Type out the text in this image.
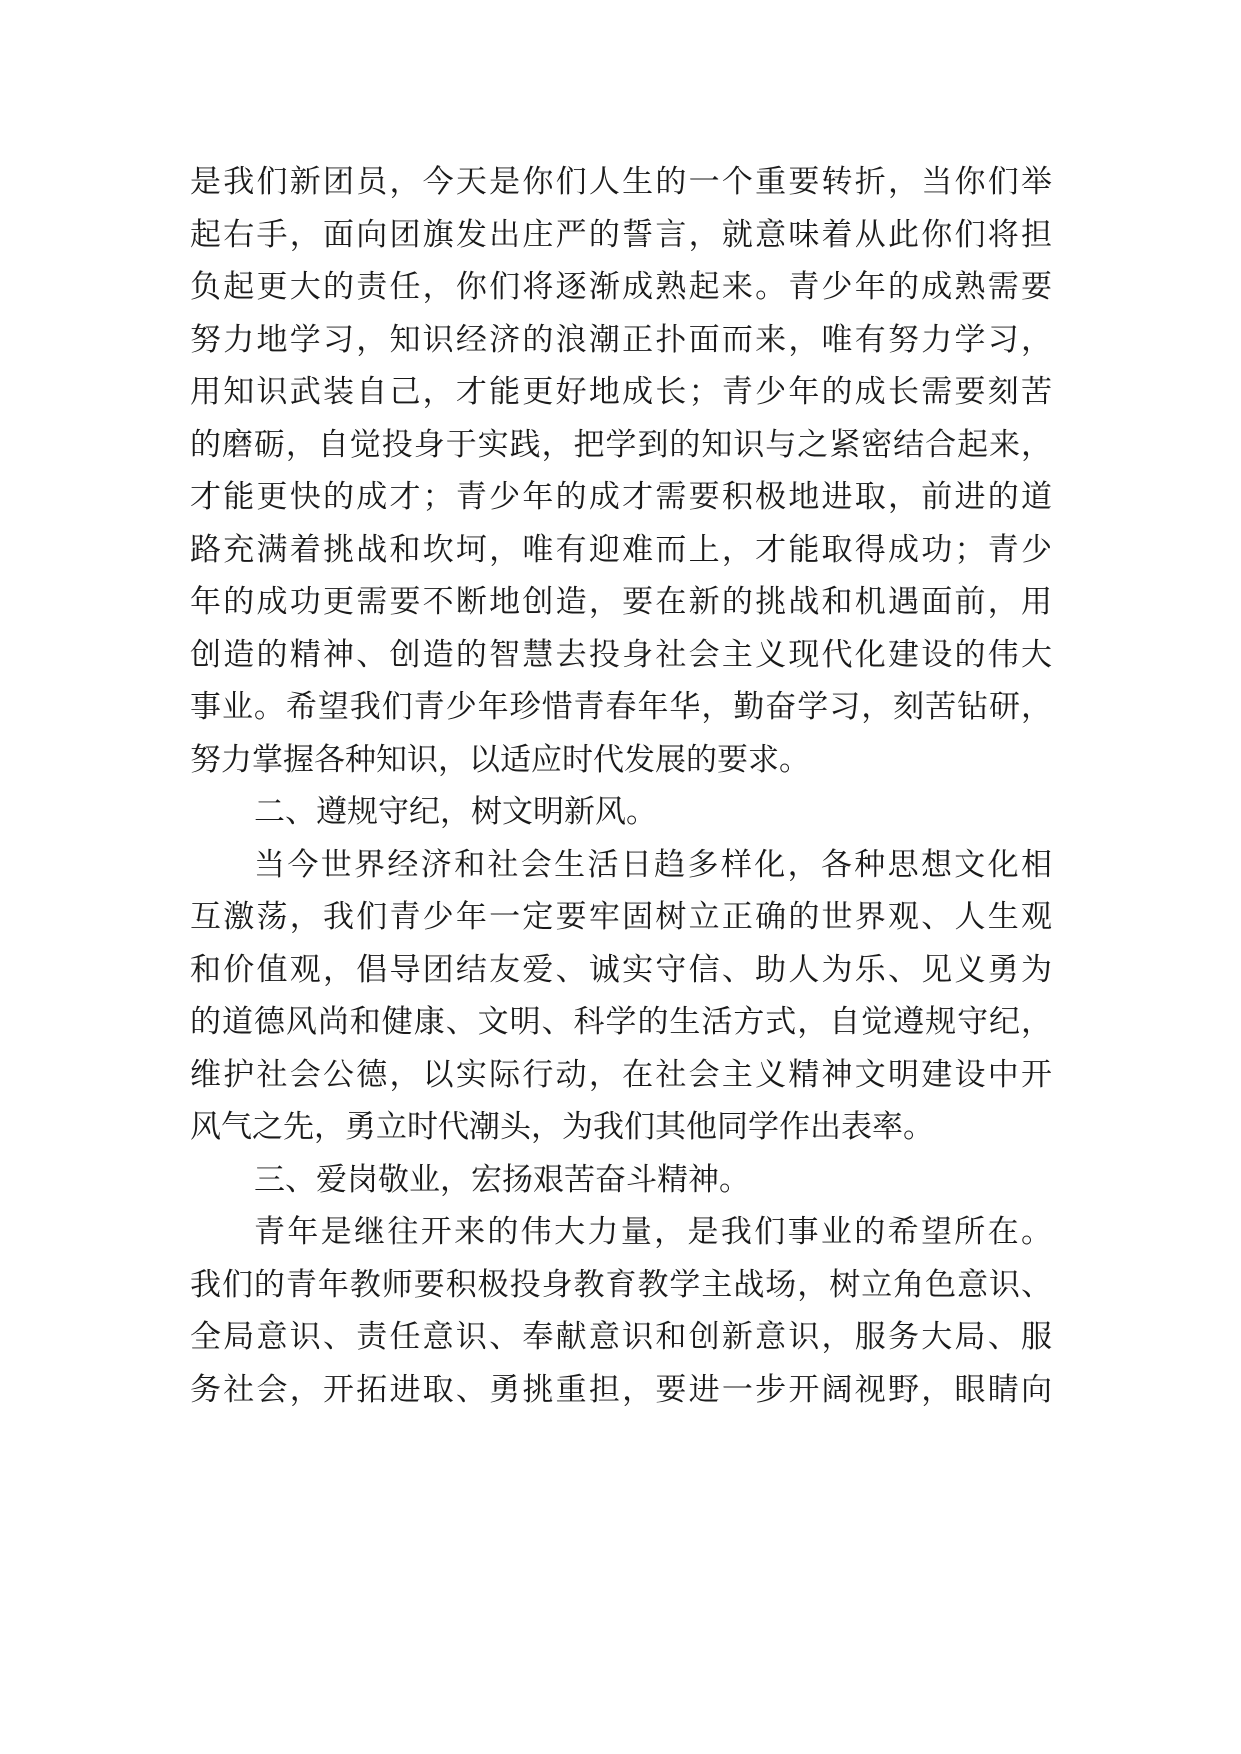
是我们新团员，今天是你们人生的一个重要转折，当你们举
起右手，面向团旗发出庄严的誓言，就意味着从此你们将担
负起更大的责任，你们将逐渐成熟起来。青少年的成熟需要
努力地学习，知识经济的浪潮正扑面而来，唯有努力学习，
用知识武装自己，才能更好地成长；青少年的成长需要刻苦
的磨砺，自觉投身于实践，把学到的知识与之紧密结合起来，
才能更快的成才；青少年的成才需要积极地进取，前进的道
路充满着挑战和坎坷，唯有迎难而上，才能取得成功；青少
年的成功更需要不断地创造，要在新的挑战和机遇面前，用
创造的精神、创造的智慧去投身社会主义现代化建设的伟大
事业。希望我们青少年珍惜青春年华，勤奋学习，刻苦钻研，
努力掌握各种知识，以适应时代发展的要求。
二、遵规守纪，树文明新风。
当今世界经济和社会生活日趋多样化，各种思想文化相
互激荡，我们青少年一定要牢固树立正确的世界观、人生观
和价值观，倡导团结友爱、诚实守信、助人为乐、见义勇为
的道德风尚和健康、文明、科学的生活方式，自觉遵规守纪，
维护社会公德，以实际行动，在社会主义精神文明建设中开
风气之先，勇立时代潮头，为我们其他同学作出表率。
三、爱岗敬业，宏扬艰苦奋斗精神。
青年是继往开来的伟大力量，是我们事业的希望所在。
我们的青年教师要积极投身教育教学主战场，树立角色意识、
全局意识、责任意识、奉献意识和创新意识，服务大局、服
务社会，开拓进取、勇挑重担，要进一步开阔视野，眼睛向
